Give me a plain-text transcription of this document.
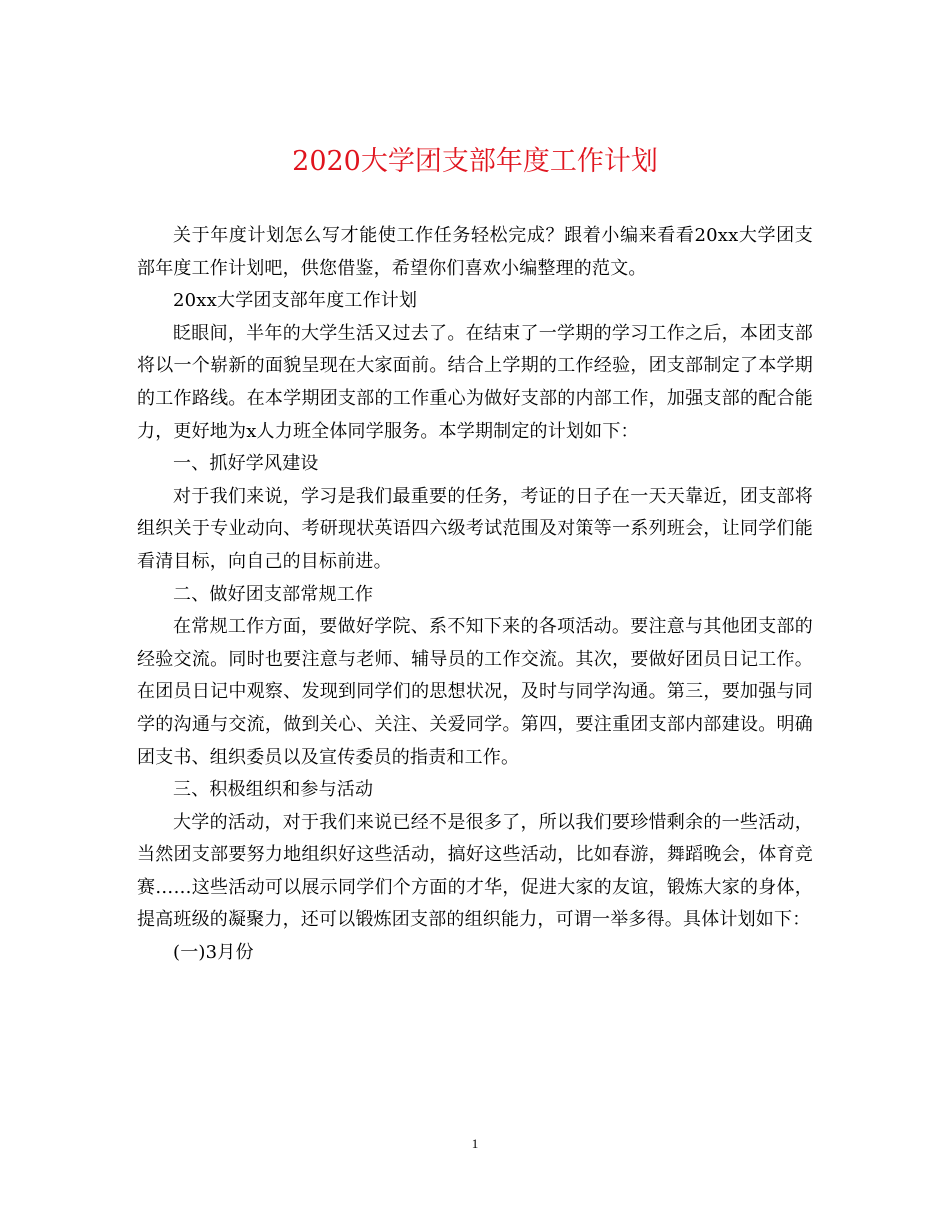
2020大学团支部年度工作计划

关于年度计划怎么写才能使工作任务轻松完成？跟着小编来看看20xx大学团支部年度工作计划吧，供您借鉴，希望你们喜欢小编整理的范文。

20xx大学团支部年度工作计划

眨眼间，半年的大学生活又过去了。在结束了一学期的学习工作之后，本团支部将以一个崭新的面貌呈现在大家面前。结合上学期的工作经验，团支部制定了本学期的工作路线。在本学期团支部的工作重心为做好支部的内部工作，加强支部的配合能力，更好地为x人力班全体同学服务。本学期制定的计划如下：

一、抓好学风建设

对于我们来说，学习是我们最重要的任务，考证的日子在一天天靠近，团支部将组织关于专业动向、考研现状英语四六级考试范围及对策等一系列班会，让同学们能看清目标，向自己的目标前进。

二、做好团支部常规工作

在常规工作方面，要做好学院、系不知下来的各项活动。要注意与其他团支部的经验交流。同时也要注意与老师、辅导员的工作交流。其次，要做好团员日记工作。在团员日记中观察、发现到同学们的思想状况，及时与同学沟通。第三，要加强与同学的沟通与交流，做到关心、关注、关爱同学。第四，要注重团支部内部建设。明确团支书、组织委员以及宣传委员的指责和工作。

三、积极组织和参与活动

大学的活动，对于我们来说已经不是很多了，所以我们要珍惜剩余的一些活动，当然团支部要努力地组织好这些活动，搞好这些活动，比如春游，舞蹈晚会，体育竞赛……这些活动可以展示同学们个方面的才华，促进大家的友谊，锻炼大家的身体，提高班级的凝聚力，还可以锻炼团支部的组织能力，可谓一举多得。具体计划如下：

(一)3月份

1
